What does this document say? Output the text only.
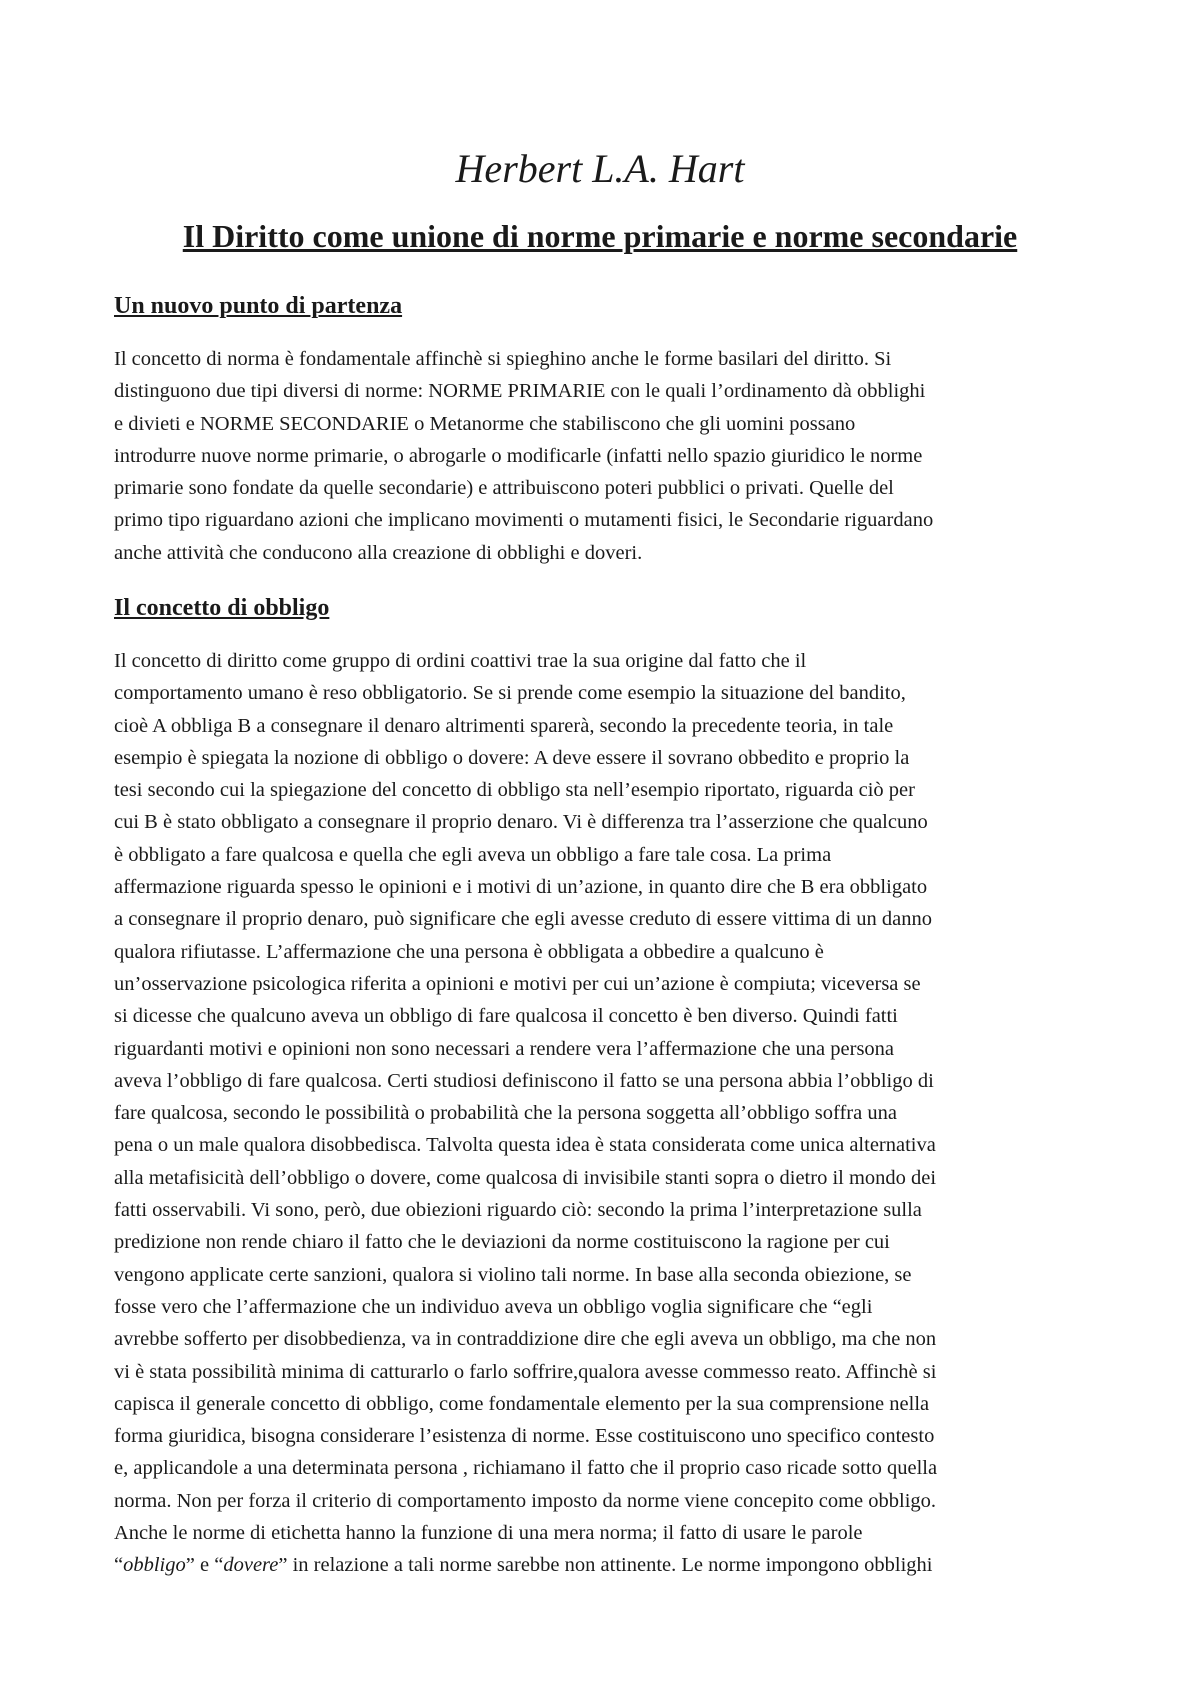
Herbert L.A. Hart
Il Diritto come unione di norme primarie e norme secondarie
Un nuovo punto di partenza
Il concetto di norma è fondamentale affinchè si spieghino anche le forme basilari del diritto. Si
distinguono due tipi diversi di norme: NORME PRIMARIE con le quali l’ordinamento dà obblighi
e divieti e NORME SECONDARIE o Metanorme che stabiliscono che gli uomini possano
introdurre nuove norme primarie, o abrogarle o modificarle (infatti nello spazio giuridico le norme
primarie sono fondate da quelle secondarie) e attribuiscono poteri pubblici o privati. Quelle del
primo tipo riguardano azioni che implicano movimenti o mutamenti fisici, le Secondarie riguardano
anche attività che conducono alla creazione di obblighi e doveri.
Il concetto di obbligo
Il concetto di diritto come gruppo di ordini coattivi trae la sua origine dal fatto che il
comportamento umano è reso obbligatorio. Se si prende come esempio la situazione del bandito,
cioè A obbliga B a consegnare il denaro altrimenti sparerà, secondo la precedente teoria, in tale
esempio è spiegata la nozione di obbligo o dovere: A deve essere il sovrano obbedito e proprio la
tesi secondo cui la spiegazione del concetto di obbligo sta nell’esempio riportato, riguarda ciò per
cui B è stato obbligato a consegnare il proprio denaro. Vi è differenza tra l’asserzione che qualcuno
è obbligato a fare qualcosa e quella che egli aveva un obbligo a fare tale cosa. La prima
affermazione riguarda spesso le opinioni e i motivi di un’azione, in quanto dire che B era obbligato
a consegnare il proprio denaro, può significare che egli avesse creduto di essere vittima di un danno
qualora rifiutasse. L’affermazione che una persona è obbligata a obbedire a qualcuno è
un’osservazione psicologica riferita a opinioni e motivi per cui un’azione è compiuta; viceversa se
si dicesse che qualcuno aveva un obbligo di fare qualcosa il concetto è ben diverso. Quindi fatti
riguardanti motivi e opinioni non sono necessari a rendere vera l’affermazione che una persona
aveva l’obbligo di fare qualcosa. Certi studiosi definiscono il fatto se una persona abbia l’obbligo di
fare qualcosa, secondo le possibilità o probabilità che la persona soggetta all’obbligo soffra una
pena o un male qualora disobbedisca. Talvolta questa idea è stata considerata come unica alternativa
alla metafisicità dell’obbligo o dovere, come qualcosa di invisibile stanti sopra o dietro il mondo dei
fatti osservabili. Vi sono, però, due obiezioni riguardo ciò: secondo la prima l’interpretazione sulla
predizione non rende chiaro il fatto che le deviazioni da norme costituiscono la ragione per cui
vengono applicate certe sanzioni, qualora si violino tali norme. In base alla seconda obiezione, se
fosse vero che l’affermazione che un individuo aveva un obbligo voglia significare che “egli
avrebbe sofferto per disobbedienza, va in contraddizione dire che egli aveva un obbligo, ma che non
vi è stata possibilità minima di catturarlo o farlo soffrire,qualora avesse commesso reato. Affinchè si
capisca il generale concetto di obbligo, come fondamentale elemento per la sua comprensione nella
forma giuridica, bisogna considerare l’esistenza di norme. Esse costituiscono uno specifico contesto
e, applicandole a una determinata persona , richiamano il fatto che il proprio caso ricade sotto quella
norma. Non per forza il criterio di comportamento imposto da norme viene concepito come obbligo.
Anche le norme di etichetta hanno la funzione di una mera norma; il fatto di usare le parole
“obbligo” e “dovere” in relazione a tali norme sarebbe non attinente. Le norme impongono obblighi
